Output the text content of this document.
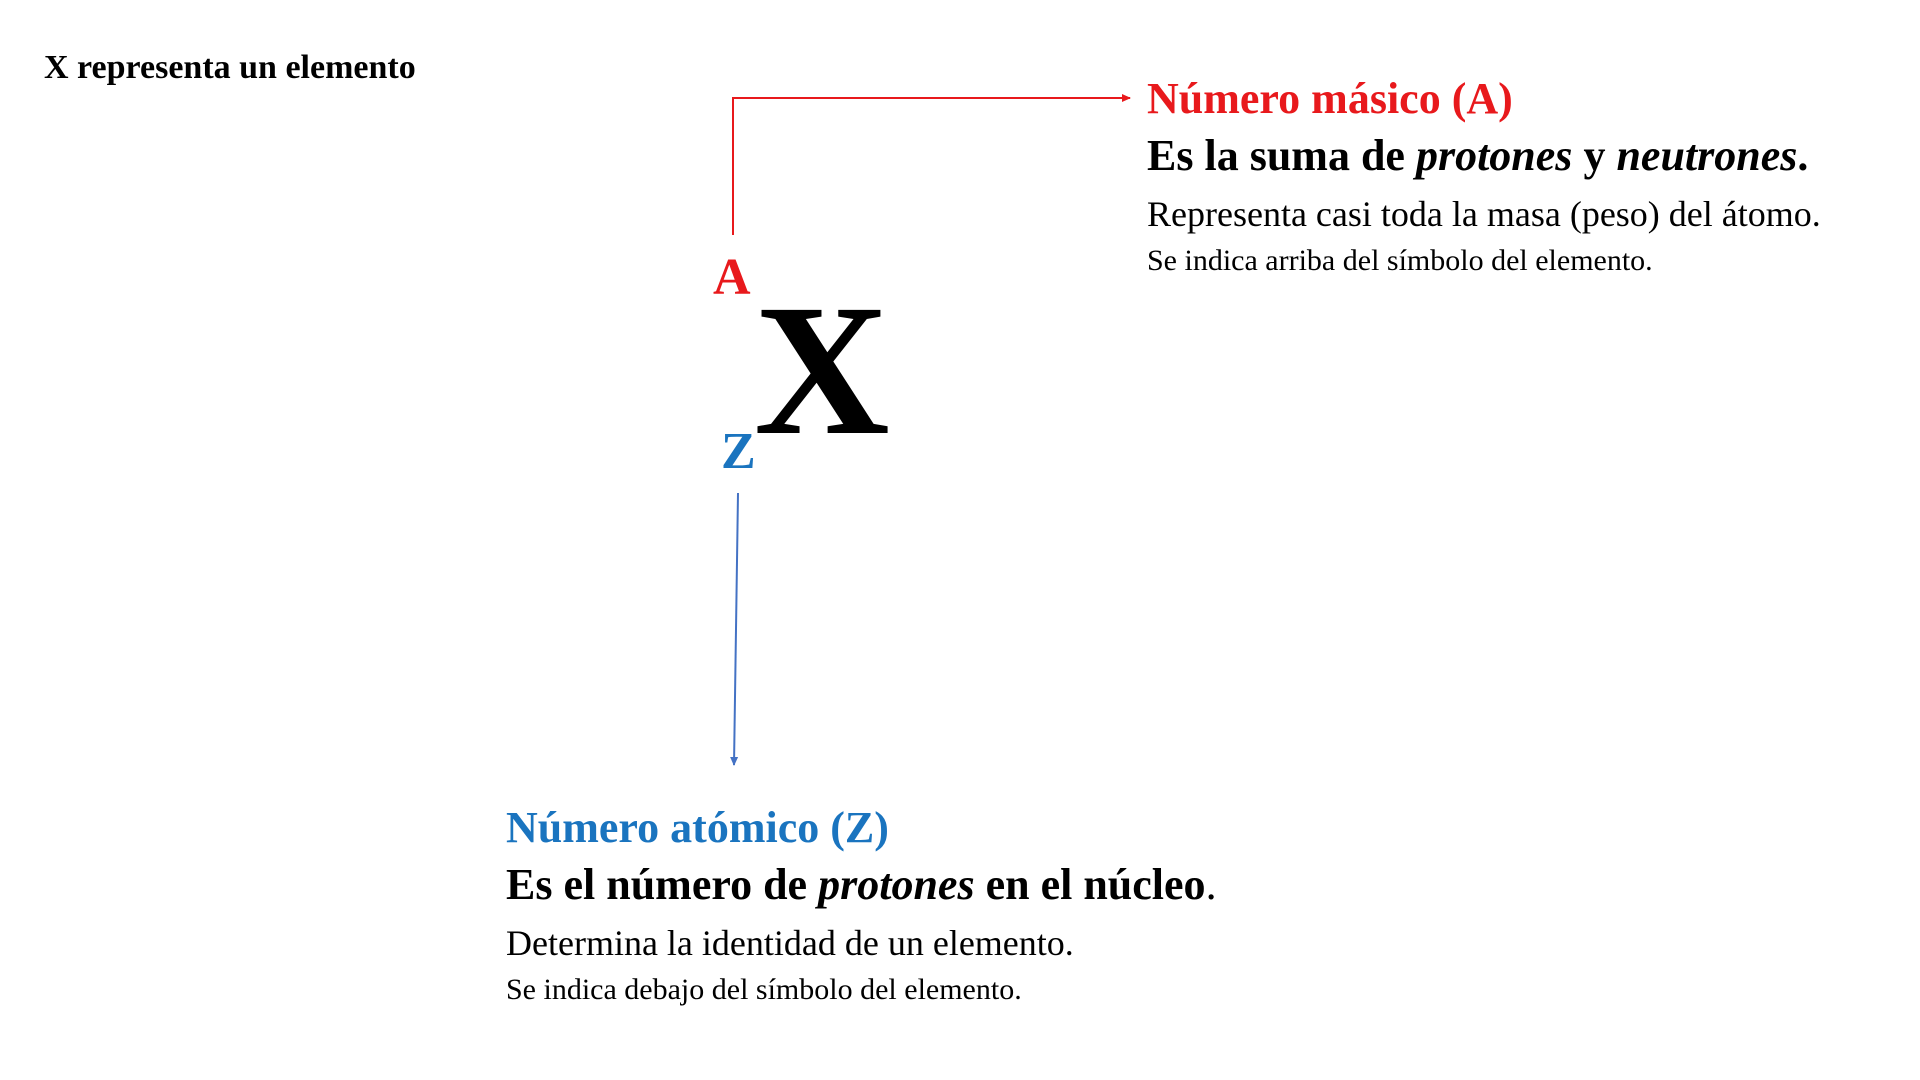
X representa un elemento
A X
Z

Número másico (A)

Es la suma de protones y neutrones.

Representa casi toda la masa (peso) del átomo.

Se indica arriba del símbolo del elemento.

Número atómico (Z)

Es el número de protones en el núcleo.

Determina la identidad de un elemento.

Se indica debajo del símbolo del elemento.
